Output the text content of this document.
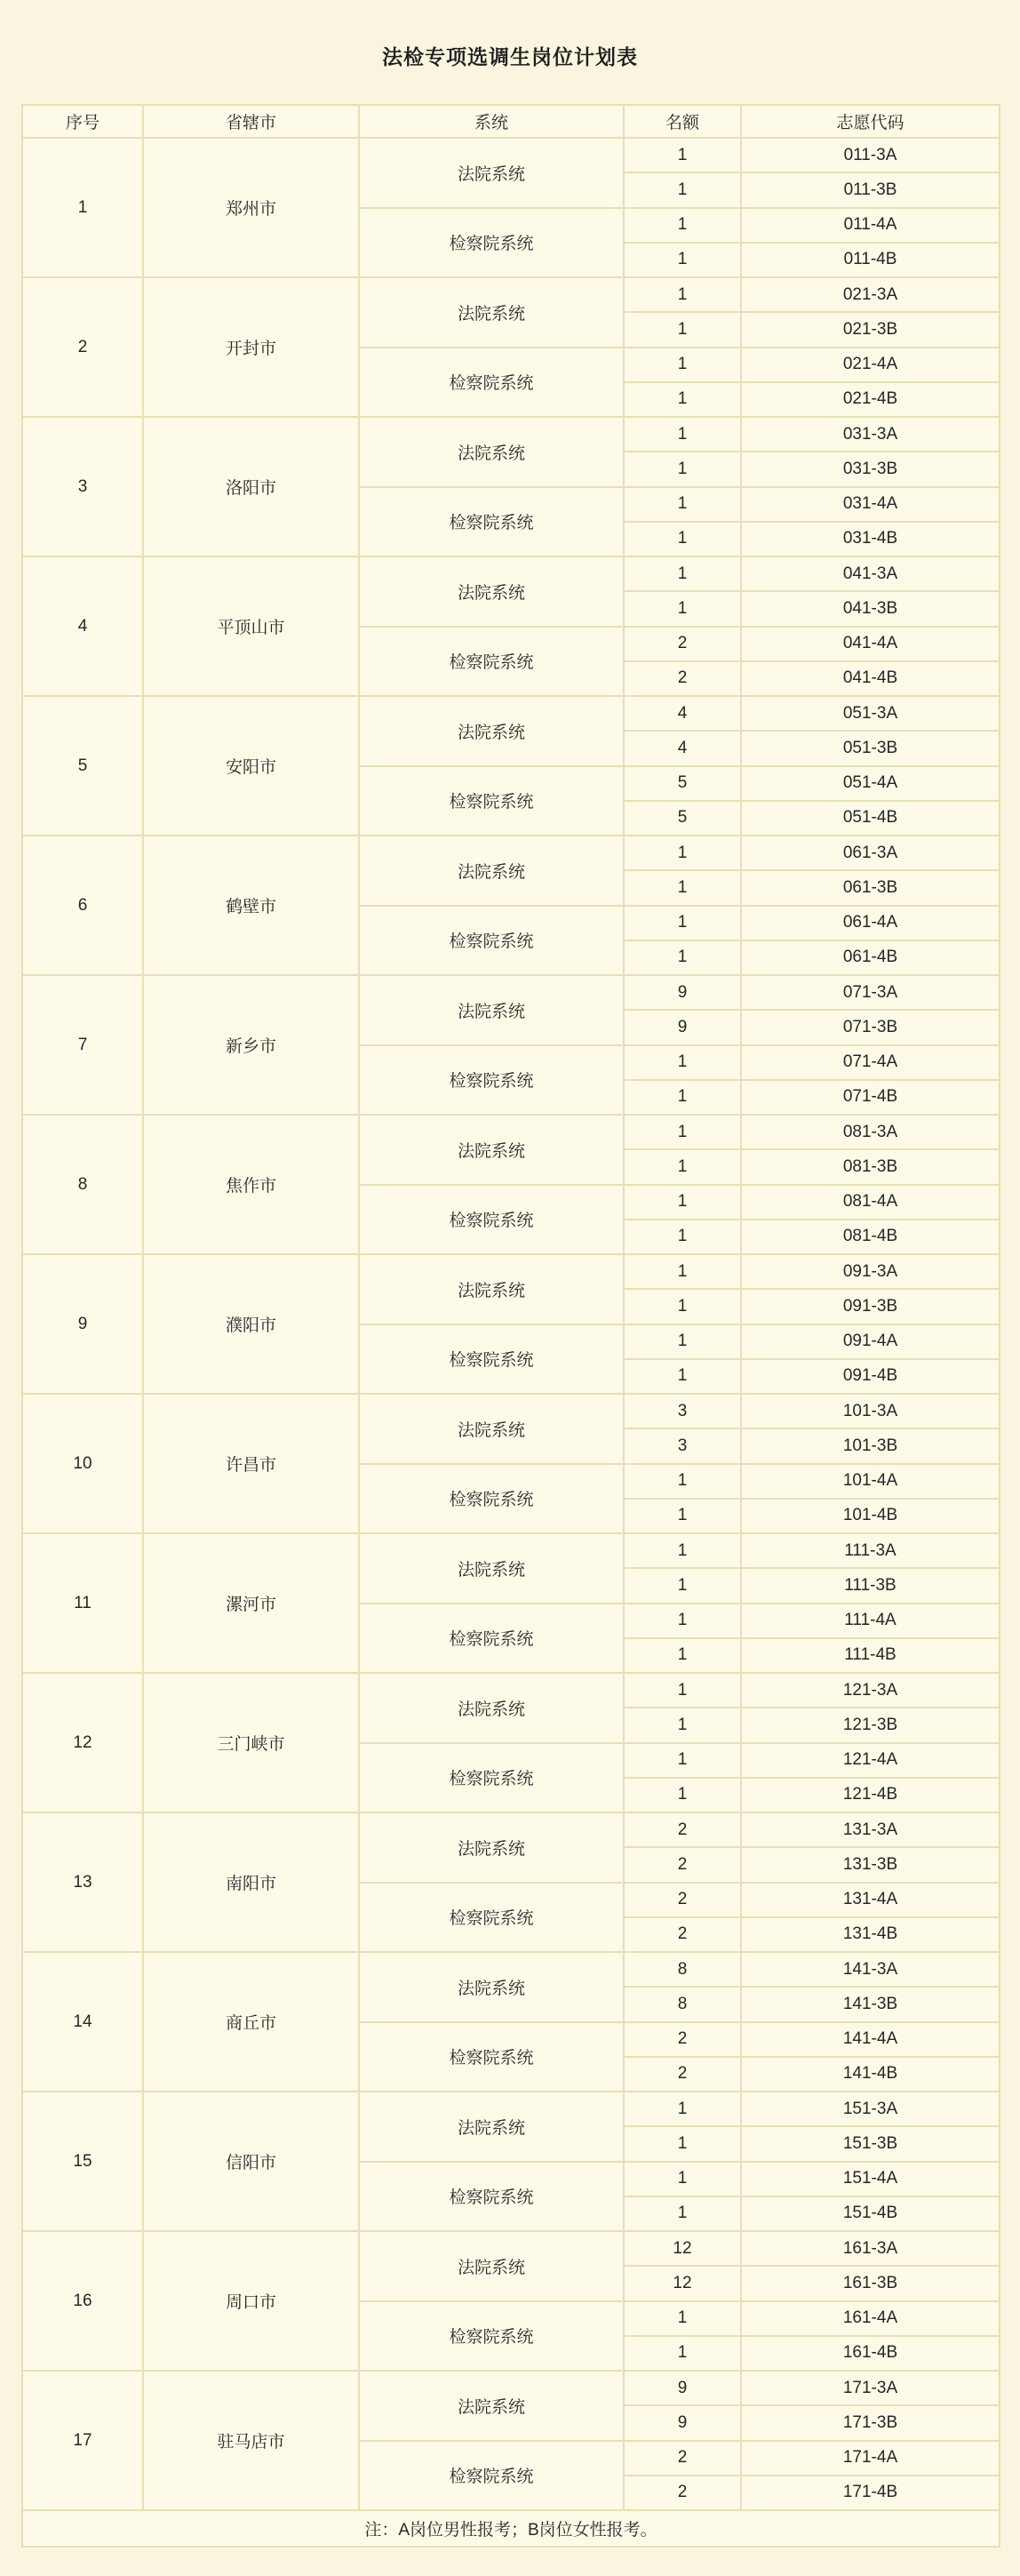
法检专项选调生岗位计划表
序号	省辖市	系统	名额	志愿代码
1	郑州市	法院系统	1	011-3A
			1	011-3B
		检察院系统	1	011-4A
			1	011-4B
2	开封市	法院系统	1	021-3A
			1	021-3B
		检察院系统	1	021-4A
			1	021-4B
3	洛阳市	法院系统	1	031-3A
			1	031-3B
		检察院系统	1	031-4A
			1	031-4B
4	平顶山市	法院系统	1	041-3A
			1	041-3B
		检察院系统	2	041-4A
			2	041-4B
5	安阳市	法院系统	4	051-3A
			4	051-3B
		检察院系统	5	051-4A
			5	051-4B
6	鹤壁市	法院系统	1	061-3A
			1	061-3B
		检察院系统	1	061-4A
			1	061-4B
7	新乡市	法院系统	9	071-3A
			9	071-3B
		检察院系统	1	071-4A
			1	071-4B
8	焦作市	法院系统	1	081-3A
			1	081-3B
		检察院系统	1	081-4A
			1	081-4B
9	濮阳市	法院系统	1	091-3A
			1	091-3B
		检察院系统	1	091-4A
			1	091-4B
10	许昌市	法院系统	3	101-3A
			3	101-3B
		检察院系统	1	101-4A
			1	101-4B
11	漯河市	法院系统	1	111-3A
			1	111-3B
		检察院系统	1	111-4A
			1	111-4B
12	三门峡市	法院系统	1	121-3A
			1	121-3B
		检察院系统	1	121-4A
			1	121-4B
13	南阳市	法院系统	2	131-3A
			2	131-3B
		检察院系统	2	131-4A
			2	131-4B
14	商丘市	法院系统	8	141-3A
			8	141-3B
		检察院系统	2	141-4A
			2	141-4B
15	信阳市	法院系统	1	151-3A
			1	151-3B
		检察院系统	1	151-4A
			1	151-4B
16	周口市	法院系统	12	161-3A
			12	161-3B
		检察院系统	1	161-4A
			1	161-4B
17	驻马店市	法院系统	9	171-3A
			9	171-3B
		检察院系统	2	171-4A
			2	171-4B
注：A岗位男性报考；B岗位女性报考。				
